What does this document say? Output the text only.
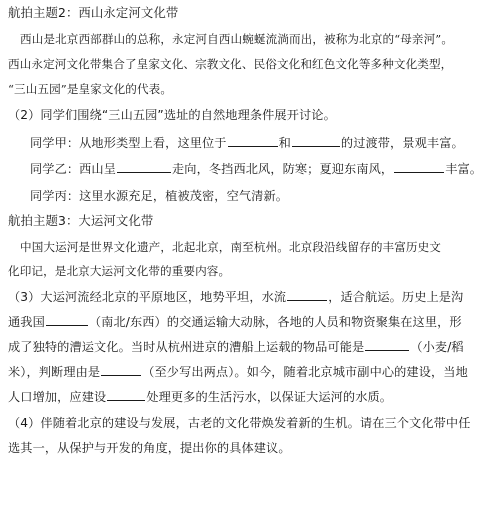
航拍主题2：西山永定河文化带
西山是北京西部群山的总称，永定河自西山蜿蜒流淌而出，被称为北京的“母亲河”。
西山永定河文化带集合了皇家文化、宗教文化、民俗文化和红色文化等多种文化类型，
“三山五园”是皇家文化的代表。
（2）同学们围绕“三山五园”选址的自然地理条件展开讨论。
同学甲：从地形类型上看，这里位于	和	的过渡带，景观丰富。
同学乙：西山呈	走向，冬挡西北风，防寒；夏迎东南风，	丰富。
同学丙：这里水源充足，植被茂密，空气清新。
航拍主题3：大运河文化带
中国大运河是世界文化遗产，北起北京，南至杭州。北京段沿线留存的丰富历史文
化印记，是北京大运河文化带的重要内容。
（3）大运河流经北京的平原地区，地势平坦，水流	，适合航运。历史上是沟
通我国	（南北/东西）的交通运输大动脉，各地的人员和物资聚集在这里，形
成了独特的漕运文化。当时从杭州进京的漕船上运载的物品可能是	（小麦/稻
米），判断理由是	（至少写出两点）。如今，随着北京城市副中心的建设，当地
人口增加，应建设	处理更多的生活污水，以保证大运河的水质。
（4）伴随着北京的建设与发展，古老的文化带焕发着新的生机。请在三个文化带中任
选其一，从保护与开发的角度，提出你的具体建议。
